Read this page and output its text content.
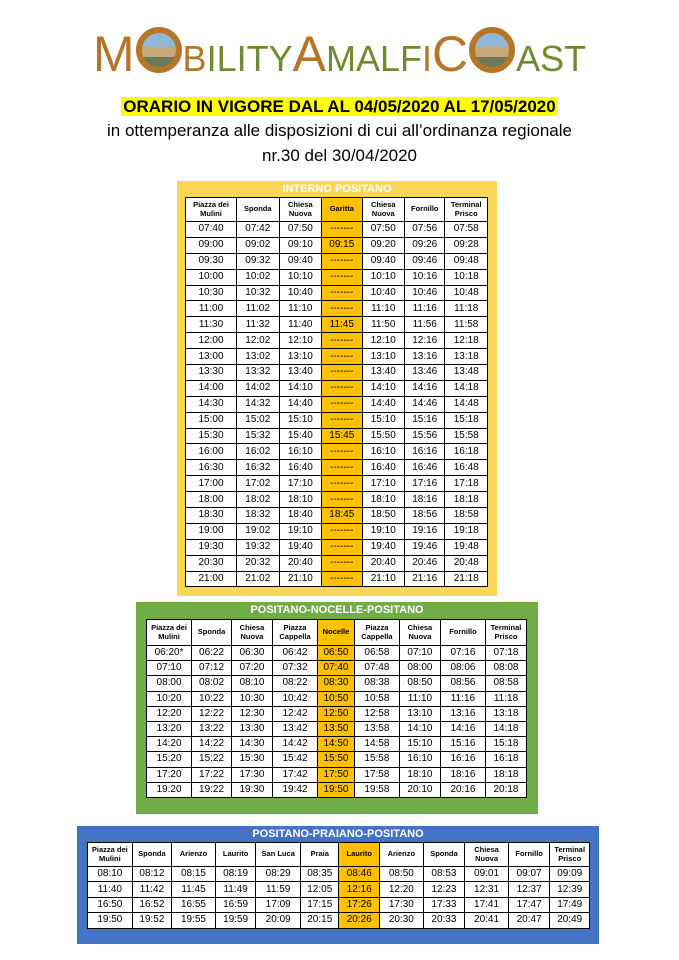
M BILITYAMALFIC AST
ORARIO IN VIGORE DAL AL 04/05/2020 AL 17/05/2020
in ottemperanza alle disposizioni di cui all’ordinanza regionale
nr.30 del 30/04/2020
INTERNO POSITANO
Piazza dei Mulini	Sponda	Chiesa Nuova	Garitta	Chiesa Nuova	Fornillo	Terminal Prisco
07:40	07:42	07:50	-------	07:50	07:56	07:58
09:00	09:02	09:10	09:15	09:20	09:26	09:28
09:30	09:32	09:40	-------	09:40	09:46	09:48
10:00	10:02	10:10	-------	10:10	10:16	10:18
10:30	10:32	10:40	-------	10:40	10:46	10:48
11:00	11:02	11:10	-------	11:10	11:16	11:18
11:30	11:32	11:40	11:45	11:50	11:56	11:58
12:00	12:02	12:10	-------	12:10	12:16	12:18
13:00	13:02	13:10	-------	13:10	13:16	13:18
13:30	13:32	13:40	-------	13:40	13:46	13:48
14:00	14:02	14:10	-------	14:10	14:16	14:18
14:30	14:32	14:40	-------	14:40	14:46	14:48
15:00	15:02	15:10	-------	15:10	15:16	15:18
15:30	15:32	15:40	15:45	15:50	15:56	15:58
16:00	16:02	16:10	-------	16:10	16:16	16:18
16:30	16:32	16:40	-------	16:40	16:46	16:48
17:00	17:02	17:10	-------	17:10	17:16	17:18
18:00	18:02	18:10	-------	18:10	18:16	18:18
18:30	18:32	18:40	18:45	18:50	18:56	18:58
19:00	19:02	19:10	-------	19:10	19:16	19:18
19:30	19:32	19:40	-------	19:40	19:46	19:48
20:30	20:32	20:40	-------	20:40	20:46	20:48
21:00	21:02	21:10	-------	21:10	21:16	21:18
POSITANO-NOCELLE-POSITANO
Piazza dei Mulini	Sponda	Chiesa Nuova	Piazza Cappella	Nocelle	Piazza Cappella	Chiesa Nuova	Fornillo	Terminal Prisco
06:20*	06:22	06:30	06:42	06:50	06:58	07:10	07:16	07:18
07:10	07:12	07:20	07:32	07:40	07:48	08:00	08:06	08:08
08:00	08:02	08:10	08:22	08:30	08:38	08:50	08:56	08:58
10:20	10:22	10:30	10:42	10:50	10:58	11:10	11:16	11:18
12:20	12:22	12:30	12:42	12:50	12:58	13:10	13:16	13:18
13:20	13:22	13:30	13:42	13:50	13:58	14:10	14:16	14:18
14:20	14:22	14:30	14:42	14:50	14:58	15:10	15:16	15:18
15:20	15:22	15:30	15:42	15:50	15:58	16:10	16:16	16:18
17:20	17:22	17:30	17:42	17:50	17:58	18:10	18:16	18:18
19:20	19:22	19:30	19:42	19:50	19:58	20:10	20:16	20:18
POSITANO-PRAIANO-POSITANO
Piazza dei Mulini	Sponda	Arienzo	Laurito	San Luca	Praia	Laurito	Arienzo	Sponda	Chiesa Nuova	Fornillo	Terminal Prisco
08:10	08:12	08:15	08:19	08:29	08:35	08:46	08:50	08:53	09:01	09:07	09:09
11:40	11:42	11:45	11:49	11:59	12:05	12:16	12:20	12:23	12:31	12:37	12:39
16:50	16:52	16:55	16:59	17:09	17:15	17:26	17:30	17:33	17:41	17:47	17:49
19:50	19:52	19:55	19:59	20:09	20:15	20:26	20:30	20:33	20:41	20:47	20:49
